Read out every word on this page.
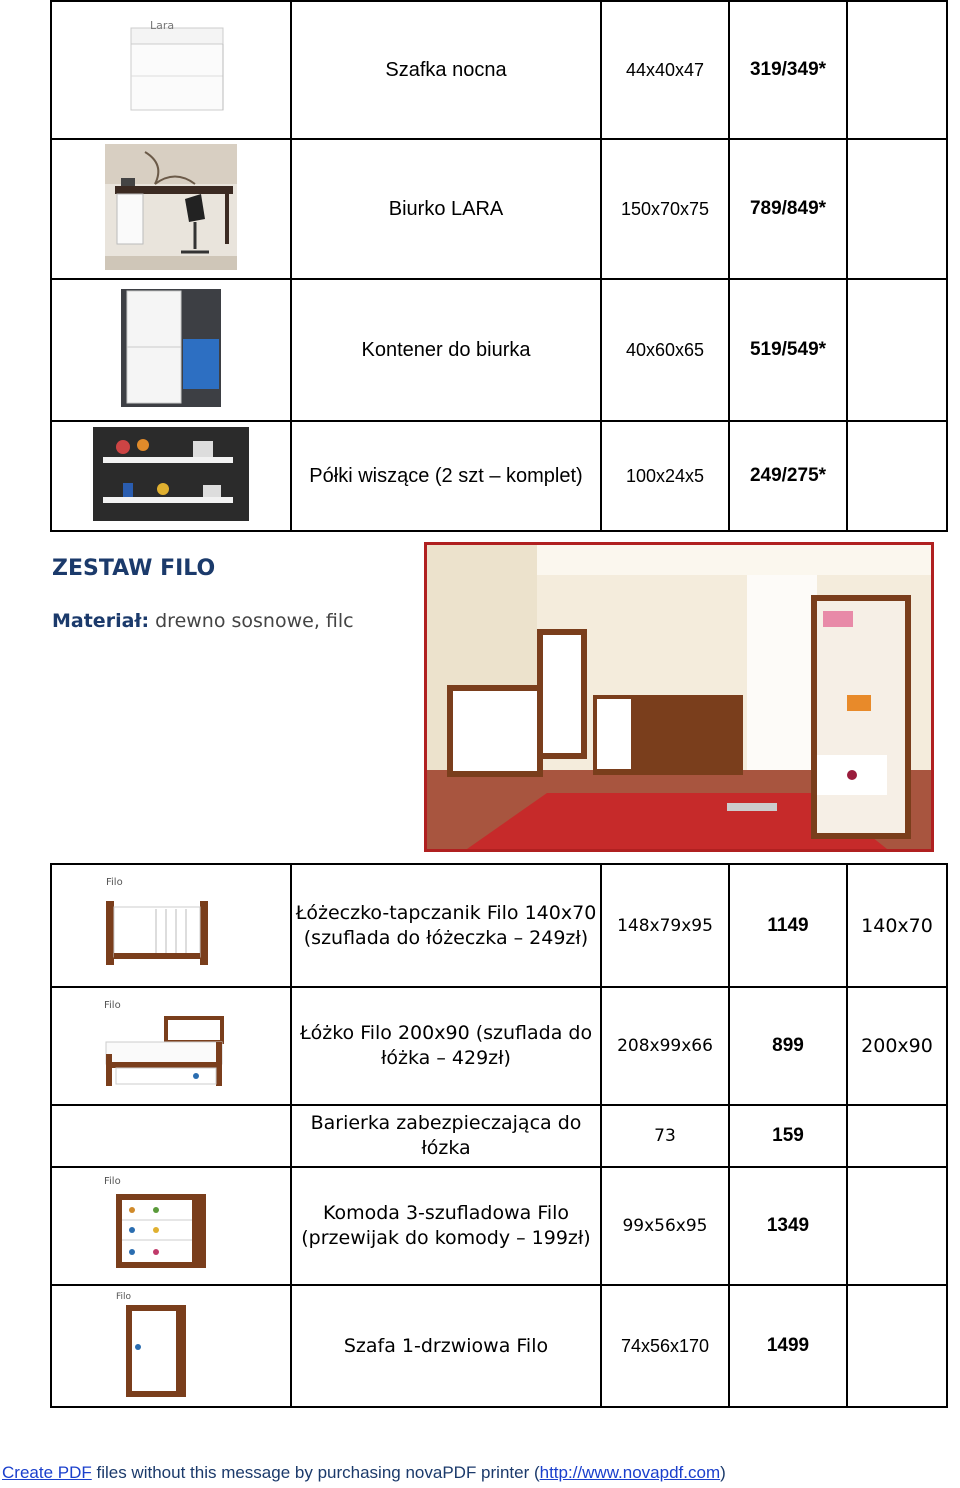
Lara	Szafka nocna	44x40x47	319/349*	
	Biurko LARA	150x70x75	789/849*	
	Kontener do biurka	40x60x65	519/549*	
	Półki wiszące (2 szt – komplet)	100x24x5	249/275*	
ZESTAW FILO
Materiał: drewno sosnowe, filc
Filo	Łóżeczko-tapczanik Filo 140x70 (szuflada do łóżeczka – 249zł)	148x79x95	1149	140x70

Filo	Łóżko Filo 200x90 (szuflada do łóżka – 429zł)	208x99x66	899	200x90
	Barierka zabezpieczająca do łózka	73	159	

Filo	Komoda 3-szufladowa Filo (przewijak do komody – 199zł)	99x56x95	1349	

Filo	Szafa 1-drzwiowa Filo	74x56x170	1499	
Create PDF files without this message by purchasing novaPDF printer (http://www.novapdf.com)
